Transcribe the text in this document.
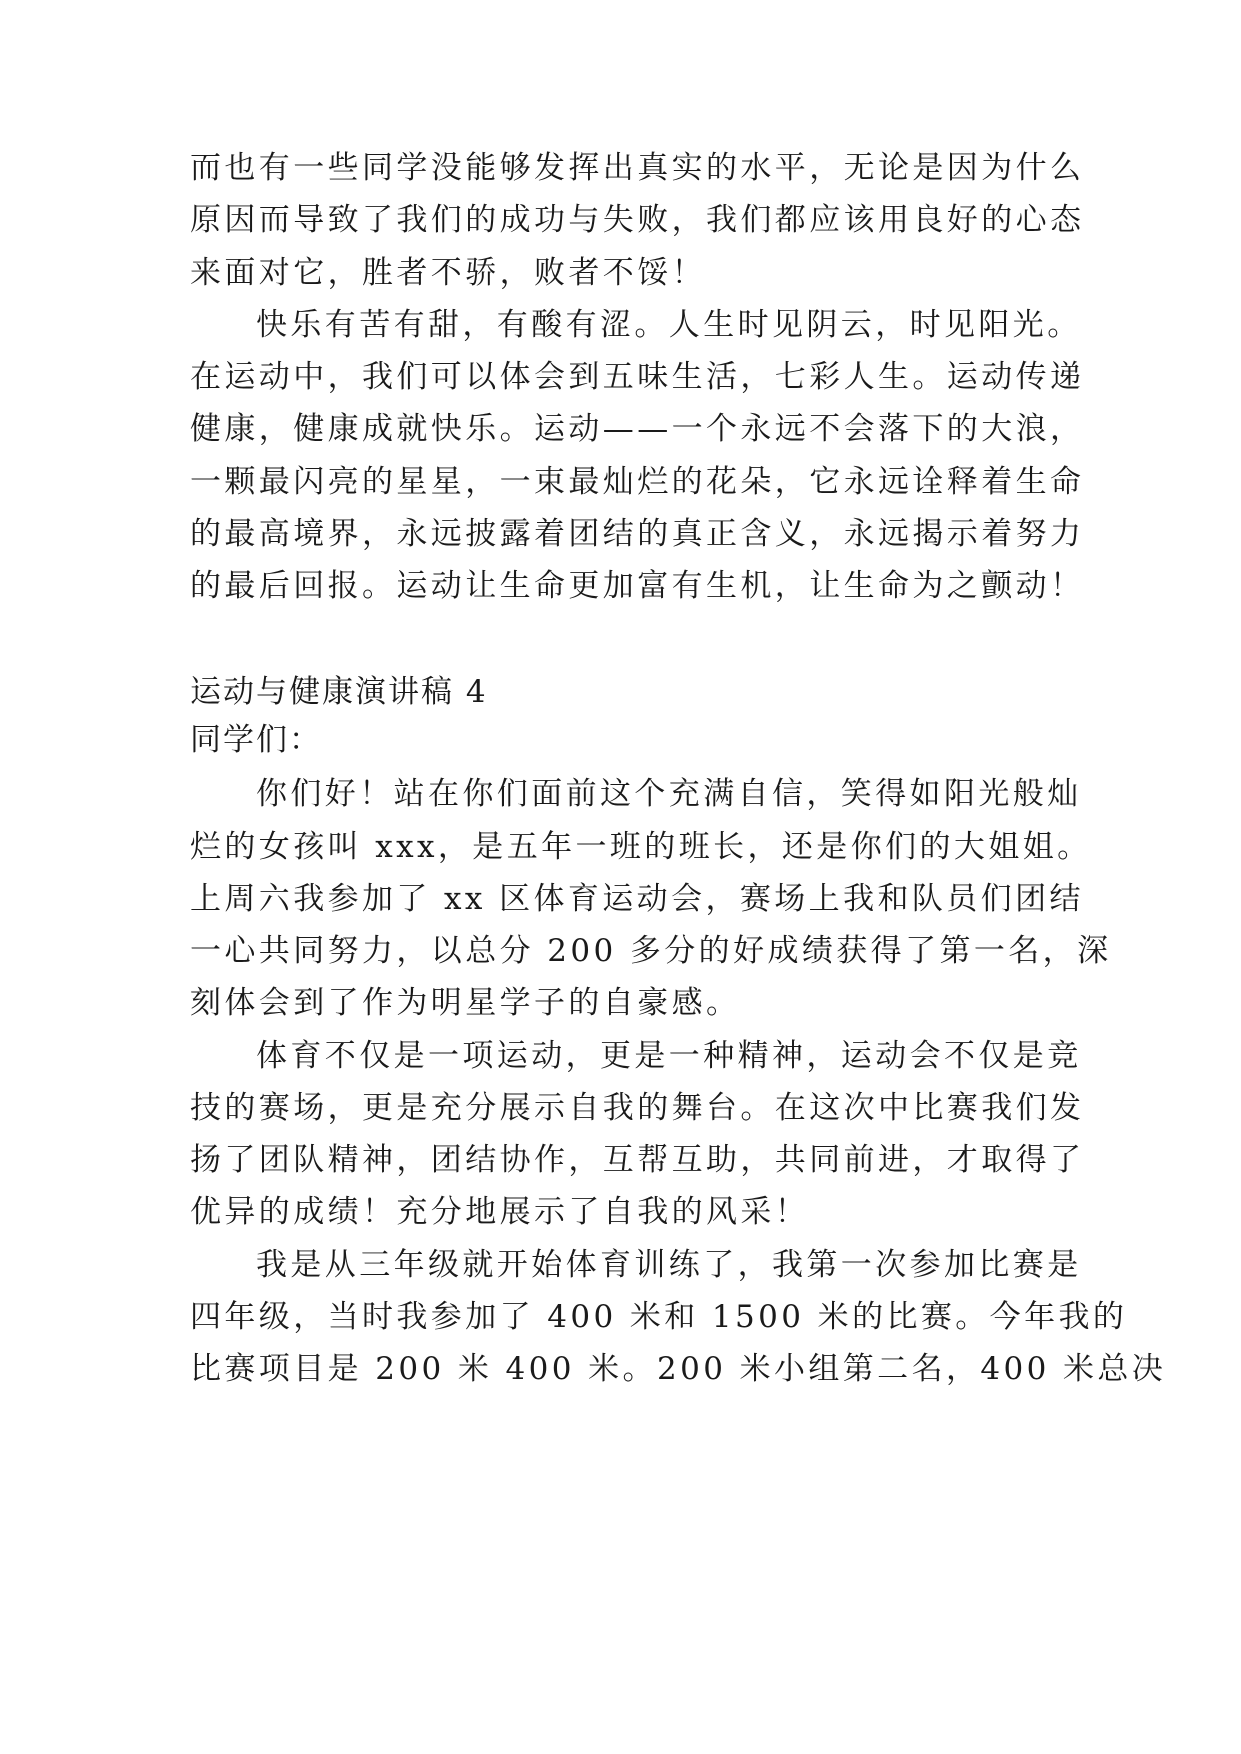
而也有一些同学没能够发挥出真实的水平，无论是因为什么
原因而导致了我们的成功与失败，我们都应该用良好的心态
来面对它，胜者不骄，败者不馁！
快乐有苦有甜，有酸有涩。人生时见阴云，时见阳光。
在运动中，我们可以体会到五味生活，七彩人生。运动传递
健康，健康成就快乐。运动——一个永远不会落下的大浪，
一颗最闪亮的星星，一束最灿烂的花朵，它永远诠释着生命
的最高境界，永远披露着团结的真正含义，永远揭示着努力
的最后回报。运动让生命更加富有生机，让生命为之颤动！
运动与健康演讲稿 4
同学们：
你们好！站在你们面前这个充满自信，笑得如阳光般灿
烂的女孩叫 xxx，是五年一班的班长，还是你们的大姐姐。
上周六我参加了 xx 区体育运动会，赛场上我和队员们团结
一心共同努力，以总分 200 多分的好成绩获得了第一名，深
刻体会到了作为明星学子的自豪感。
体育不仅是一项运动，更是一种精神，运动会不仅是竞
技的赛场，更是充分展示自我的舞台。在这次中比赛我们发
扬了团队精神，团结协作，互帮互助，共同前进，才取得了
优异的成绩！充分地展示了自我的风采！
我是从三年级就开始体育训练了，我第一次参加比赛是
四年级，当时我参加了 400 米和 1500 米的比赛。今年我的
比赛项目是 200 米 400 米。200 米小组第二名，400 米总决
